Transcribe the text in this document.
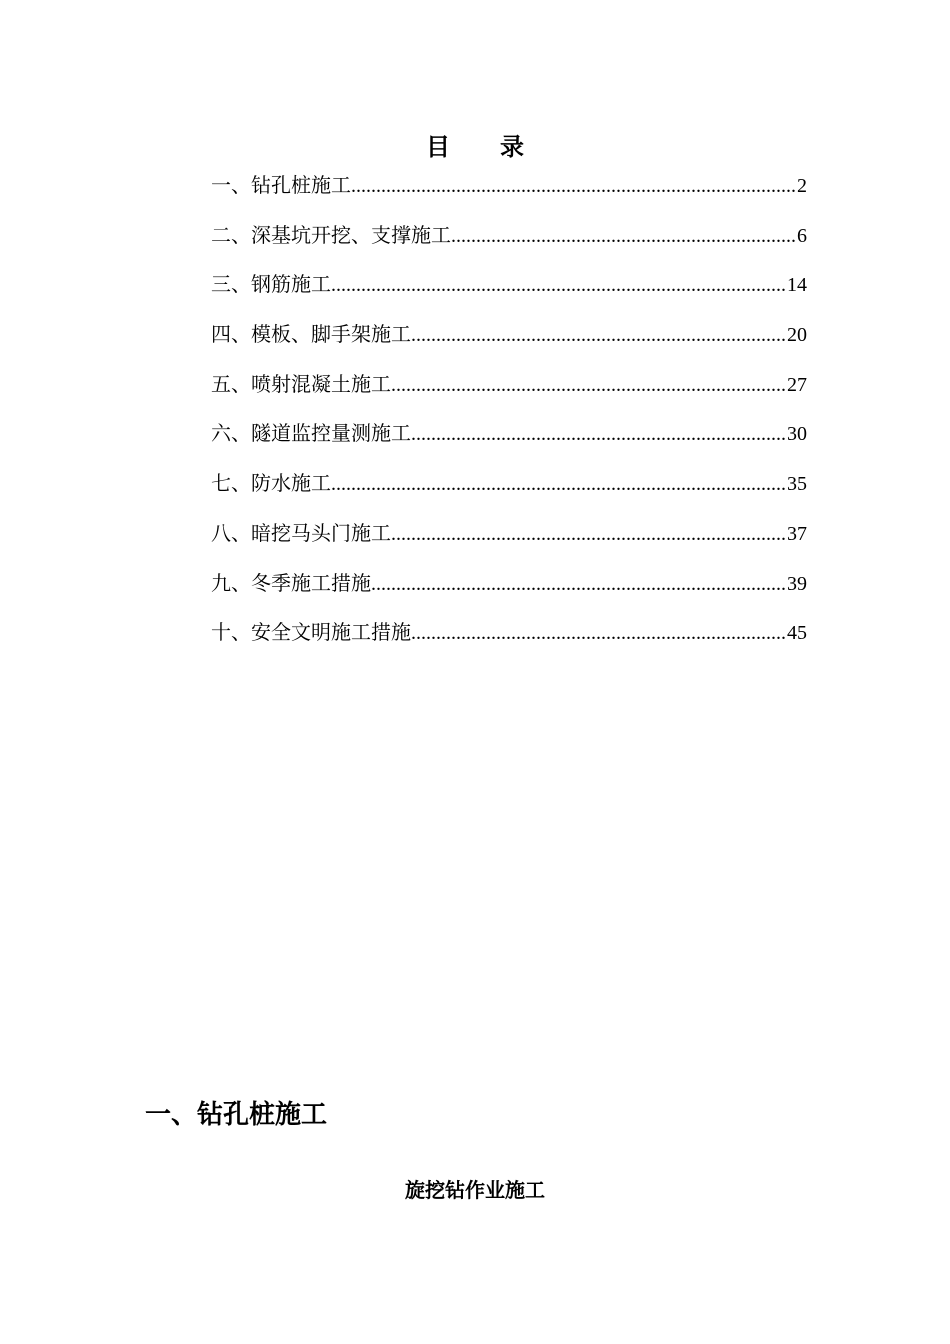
目 录
一、钻孔桩施工 .....	2
二、深基坑开挖、支撑施工 .....	6
三、钢筋施工 .....	14
四、模板、脚手架施工 .....	20
五、喷射混凝土施工 .....	27
六、隧道监控量测施工 .....	30
七、防水施工 .....	35
八、暗挖马头门施工 .....	37
九、冬季施工措施 .....	39
十、安全文明施工措施 .....	45
一、钻孔桩施工
旋挖钻作业施工
